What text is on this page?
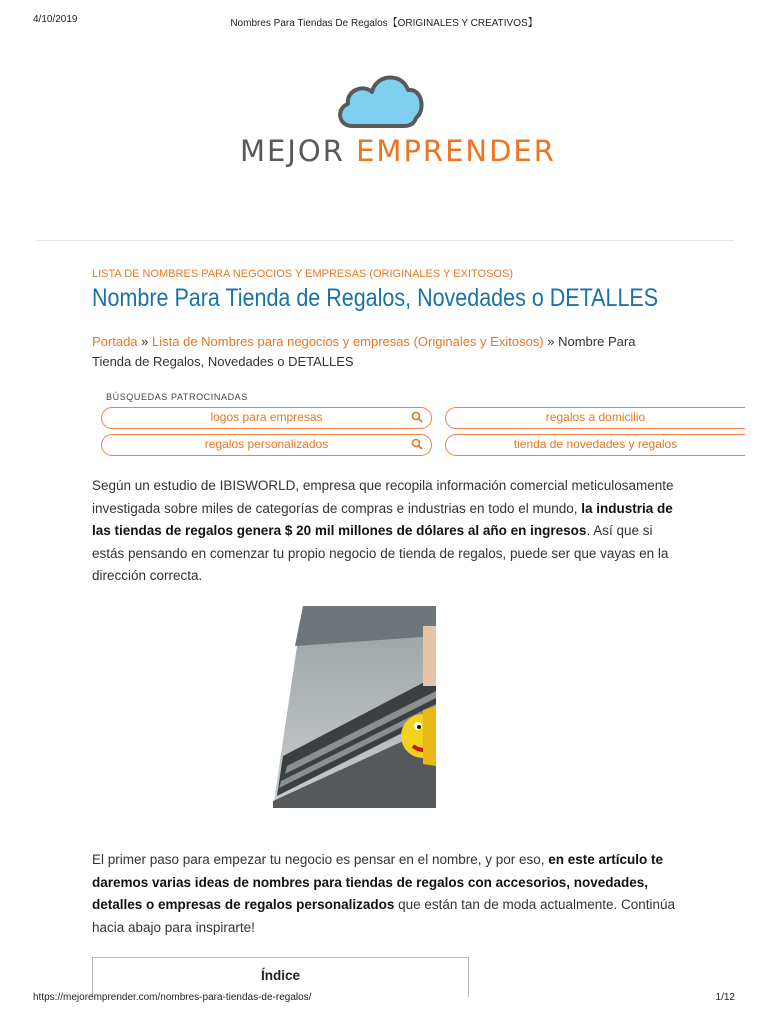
4/10/2019	Nombres Para Tiendas De Regalos【ORIGINALES Y CREATIVOS】
MEJOR EMPRENDER
LISTA DE NOMBRES PARA NEGOCIOS Y EMPRESAS (ORIGINALES Y EXITOSOS)
Nombre Para Tienda de Regalos, Novedades o DETALLES
Portada » Lista de Nombres para negocios y empresas (Originales y Exitosos) » Nombre Para Tienda de Regalos, Novedades o DETALLES
BÚSQUEDAS PATROCINADAS
logos para empresas
regalos personalizados
regalos a domicilio
tienda de novedades y regalos
Según un estudio de IBISWORLD, empresa que recopila información comercial meticulosamente investigada sobre miles de categorías de compras e industrias en todo el mundo, la industria de las tiendas de regalos genera $ 20 mil millones de dólares al año en ingresos. Así que si estás pensando en comenzar tu propio negocio de tienda de regalos, puede ser que vayas en la dirección correcta.
El primer paso para empezar tu negocio es pensar en el nombre, y por eso, en este artículo te daremos varias ideas de nombres para tiendas de regalos con accesorios, novedades, detalles o empresas de regalos personalizados que están tan de moda actualmente. Continúa hacia abajo para inspirarte!
Índice
https://mejoremprender.com/nombres-para-tiendas-de-regalos/	1/12
